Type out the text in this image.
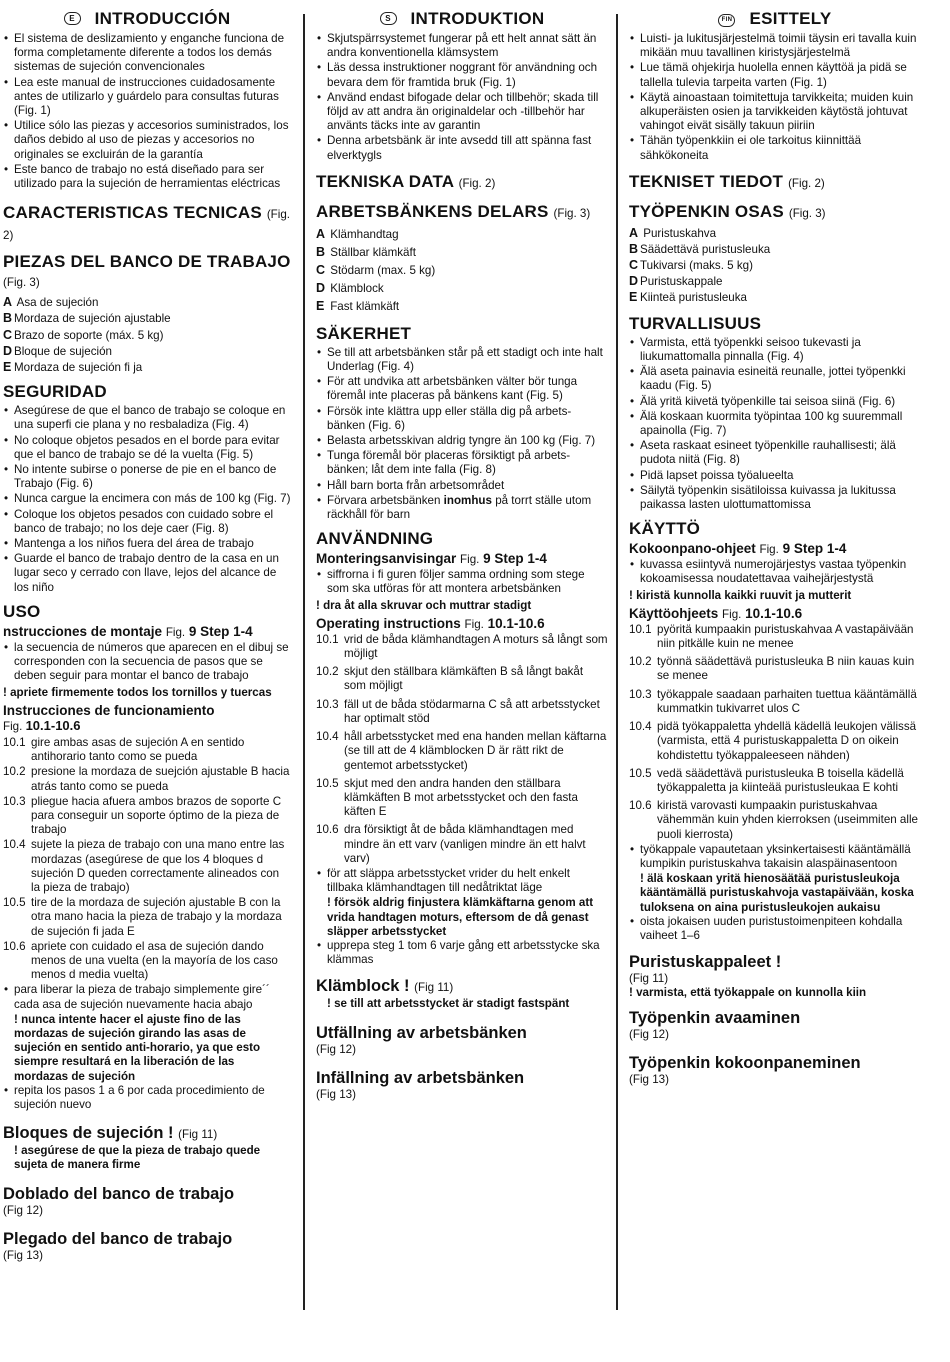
E INTRODUCCIÓN
• El sistema de deslizamiento y enganche funciona de forma completamente diferente a todos los demás sistemas de sujeción convencionales
• Lea este manual de instrucciones cuidadosamente antes de utilizarlo y guárdelo para consultas futuras (Fig. 1)
• Utilice sólo las piezas y accesorios suministrados, los daños debido al uso de piezas y accesorios no originales se excluirán de la garantía
• Este banco de trabajo no está diseñado para ser utilizado para la sujeción de herramientas eléctricas
CARACTERISTICAS TECNICAS (Fig. 2)
PIEZAS DEL BANCO DE TRABAJO (Fig. 3)
A Asa de sujeción
B Mordaza de sujeción ajustable
C Brazo de soporte (máx. 5 kg)
D Bloque de sujeción
E Mordaza de sujeción fi ja
SEGURIDAD
• Asegúrese de que el banco de trabajo se coloque en una superfi cie plana y no resbaladiza (Fig. 4)
• No coloque objetos pesados en el borde para evitar que el banco de trabajo se dé la vuelta (Fig. 5)
• No intente subirse o ponerse de pie en el banco de Trabajo (Fig. 6)
• Nunca cargue la encimera con más de 100 kg (Fig. 7)
• Coloque los objetos pesados con cuidado sobre el banco de trabajo; no los deje caer (Fig. 8)
• Mantenga a los niños fuera del área de trabajo
• Guarde el banco de trabajo dentro de la casa en un lugar seco y cerrado con llave, lejos del alcance de los niño
USO
nstrucciones de montaje Fig. 9 Step 1-4
• la secuencia de números que aparecen en el dibuj se corresponden con la secuencia de pasos que se deben seguir para montar el banco de trabajo
! apriete firmemente todos los tornillos y tuercas
Instrucciones de funcionamiento
Fig. 10.1-10.6
10.1 gire ambas asas de sujeción A en sentido antihorario tanto como se pueda
10.2 presione la mordaza de suejción ajustable B hacia atrás tanto como se pueda
10.3 pliegue hacia afuera ambos brazos de soporte C para conseguir un soporte óptimo de la pieza de trabajo
10.4 sujete la pieza de trabajo con una mano entre las mordazas (asegúrese de que los 4 bloques d sujeción D queden correctamente alineados con la pieza de trabajo)
10.5 tire de la mordaza de sujeción ajustable B con la otra mano hacia la pieza de trabajo y la mordaza de sujeción fi jada E
10.6 apriete con cuidado el asa de sujeción dando menos de una vuelta (en la mayoría de los caso menos d media vuelta)
• para liberar la pieza de trabajo simplemente gire´´ cada asa de sujeción nuevamente hacia abajo
! nunca intente hacer el ajuste fino de las mordazas de sujeción girando las asas de sujeción en sentido anti-horario, ya que esto siempre resultará en la liberación de las mordazas de sujeción
• repita los pasos 1 a 6 por cada procedimiento de sujeción nuevo
Bloques de sujeción ! (Fig 11)
! asegúrese de que la pieza de trabajo quede sujeta de manera firme
Doblado del banco de trabajo
(Fig 12)
Plegado del banco de trabajo
(Fig 13)
S INTRODUKTION
• Skjutspärrsystemet fungerar på ett helt annat sätt än andra konventionella klämsystem
• Läs dessa instruktioner noggrant för användning och bevara dem för framtida bruk (Fig. 1)
• Använd endast bifogade delar och tillbehör; skada till följd av att andra än originaldelar och -tillbehör har använts täcks inte av garantin
• Denna arbetsbänk är inte avsedd till att spänna fast elverktygls
TEKNISKA DATA (Fig. 2)
ARBETSBÄNKENS DELARS (Fig. 3)
A Klämhandtag
B Ställbar klämkäft
C Stödarm (max. 5 kg)
D Klämblock
E Fast klämkäft
SÄKERHET
• Se till att arbetsbänken står på ett stadigt och inte halt Underlag (Fig. 4)
• För att undvika att arbetsbänken välter bör tunga föremål inte placeras på bänkens kant (Fig. 5)
• Försök inte klättra upp eller ställa dig på arbets-bänken (Fig. 6)
• Belasta arbetsskivan aldrig tyngre än 100 kg (Fig. 7)
• Tunga föremål bör placeras försiktigt på arbets-bänken; låt dem inte falla (Fig. 8)
• Håll barn borta från arbetsområdet
• Förvara arbetsbänken inomhus på torrt ställe utom räckhåll för barn
ANVÄNDNING
Monteringsanvisingar Fig. 9 Step 1-4
• siffrorna i fi guren följer samma ordning som stege som ska utföras för att montera arbetsbänken
! dra åt alla skruvar och muttrar stadigt
Operating instructions Fig. 10.1-10.6
10.1 vrid de båda klämhandtagen A moturs så långt som möjligt
10.2 skjut den ställbara klämkäften B så långt bakåt som möjligt
10.3 fäll ut de båda stödarmarna C så att arbetsstycket har optimalt stöd
10.4 håll arbetsstycket med ena handen mellan käftarna (se till att de 4 klämblocken D är rätt rikt de gentemot arbetsstycket)
10.5 skjut med den andra handen den ställbara klämkäften B mot arbetsstycket och den fasta käften E
10.6 dra försiktigt åt de båda klämhandtagen med mindre än ett varv (vanligen mindre än ett halvt varv)
• för att släppa arbetsstycket vrider du helt enkelt tillbaka klämhandtagen till nedåtriktat läge
! försök aldrig finjustera klämkäftarna genom att vrida handtagen moturs, eftersom de då genast släpper arbetsstycket
• upprepa steg 1 tom 6 varje gång ett arbetsstycke ska klämmas
Klämblock ! (Fig 11)
! se till att arbetsstycket är stadigt fastspänt
Utfällning av arbetsbänken
(Fig 12)
Infällning av arbetsbänken
(Fig 13)
FIN ESITTELY
• Luisti- ja lukitusjärjestelmä toimii täysin eri tavalla kuin mikään muu tavallinen kiristysjärjestelmä
• Lue tämä ohjekirja huolella ennen käyttöä ja pidä se tallella tulevia tarpeita varten (Fig. 1)
• Käytä ainoastaan toimitettuja tarvikkeita; muiden kuin alkuperäisten osien ja tarvikkeiden käytöstä johtuvat vahingot eivät sisälly takuun piiriin
• Tähän työpenkkiin ei ole tarkoitus kiinnittää sähkökoneita
TEKNISET TIEDOT (Fig. 2)
TYÖPENKIN OSAS (Fig. 3)
A Puristuskahva
B Säädettävä puristusleuka
C Tukivarsi (maks. 5 kg)
D Puristuskappale
E Kiinteä puristusleuka
TURVALLISUUS
• Varmista, että työpenkki seisoo tukevasti ja liukumattomalla pinnalla (Fig. 4)
• Älä aseta painavia esineitä reunalle, jottei työpenkki kaadu (Fig. 5)
• Älä yritä kiivetä työpenkille tai seisoa siinä (Fig. 6)
• Älä koskaan kuormita työpintaa 100 kg suuremmall apainolla (Fig. 7)
• Aseta raskaat esineet työpenkille rauhallisesti; älä pudota niitä (Fig. 8)
• Pidä lapset poissa työalueelta
• Säilytä työpenkin sisätiloissa kuivassa ja lukitussa paikassa lasten ulottumattomissa
KÄYTTÖ
Kokoonpano-ohjeet Fig. 9 Step 1-4
• kuvassa esiintyvä numerojärjestys vastaa työpenkin kokoamisessa noudatettavaa vaihejärjestystä
! kiristä kunnolla kaikki ruuvit ja mutterit
Käyttöohjeets Fig. 10.1-10.6
10.1 pyöritä kumpaakin puristuskahvaa A vastapäivään niin pitkälle kuin ne menee
10.2 työnnä säädettävä puristusleuka B niin kauas kuin se menee
10.3 työkappale saadaan parhaiten tuettua kääntämällä kummatkin tukivarret ulos C
10.4 pidä työkappaletta yhdellä kädellä leukojen välissä (varmista, että 4 puristuskappaletta D on oikein kohdistettu työkappaleeseen nähden)
10.5 vedä säädettävä puristusleuka B toisella kädellä työkappaletta ja kiinteää puristusleukaa E kohti
10.6 kiristä varovasti kumpaakin puristuskahvaa vähemmän kuin yhden kierroksen (useimmiten alle puoli kierrosta)
• työkappale vapautetaan yksinkertaisesti kääntämällä kumpikin puristuskahva takaisin alaspäinasentoon
! älä koskaan yritä hienosäätää puristusleukoja kääntämällä puristuskahvoja vastapäivään, koska tuloksena on aina puristusleukojen aukaisu
• oista jokaisen uuden puristustoimenpiteen kohdalla vaiheet 1–6
Puristuskappaleet !
(Fig 11)
! varmista, että työkappale on kunnolla kiin
Työpenkin avaaminen
(Fig 12)
Työpenkin kokoonpaneminen
(Fig 13)
